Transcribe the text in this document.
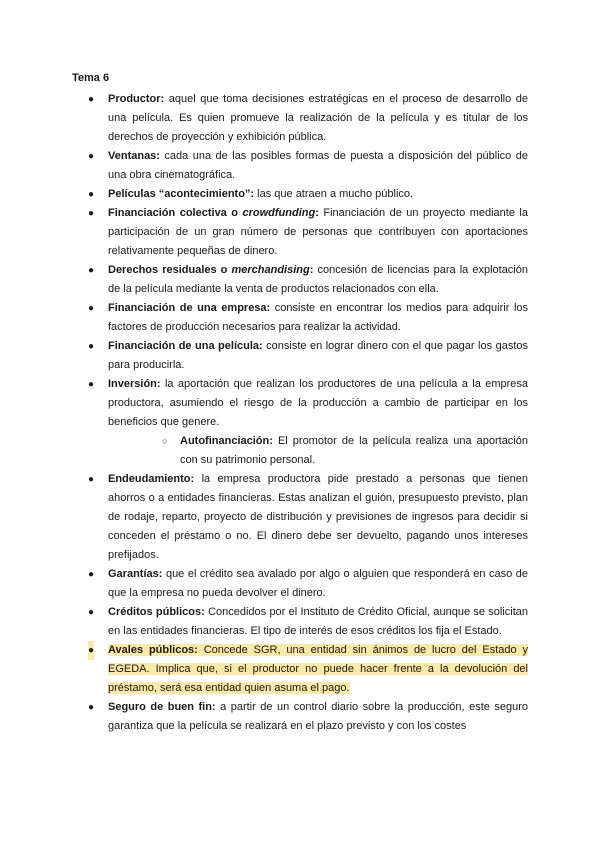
Tema 6

● Productor: aquel que toma decisiones estratégicas en el proceso de desarrollo de una película. Es quien promueve la realización de la película y es titular de los derechos de proyección y exhibición pública.
● Ventanas: cada una de las posibles formas de puesta a disposición del público de una obra cinematográfica.
● Películas “acontecimiento”: las que atraen a mucho público.
● Financiación colectiva o crowdfunding: Financiación de un proyecto mediante la participación de un gran número de personas que contribuyen con aportaciones relativamente pequeñas de dinero.
● Derechos residuales o merchandising: concesión de licencias para la explotación de la película mediante la venta de productos relacionados con ella.
● Financiación de una empresa: consiste en encontrar los medios para adquirir los factores de producción necesarios para realizar la actividad.
● Financiación de una película: consiste en lograr dinero con el que pagar los gastos para producirla.
● Inversión: la aportación que realizan los productores de una película a la empresa productora, asumiendo el riesgo de la producción a cambio de participar en los beneficios que genere.
○ Autofinanciación: El promotor de la película realiza una aportación con su patrimonio personal.
● Endeudamiento: la empresa productora pide prestado a personas que tienen ahorros o a entidades financieras. Estas analizan el guión, presupuesto previsto, plan de rodaje, reparto, proyecto de distribución y previsiones de ingresos para decidir si conceden el préstamo o no. El dinero debe ser devuelto, pagando unos intereses prefijados.
● Garantías: que el crédito sea avalado por algo o alguien que responderá en caso de que la empresa no pueda devolver el dinero.
● Créditos públicos: Concedidos por el Instituto de Crédito Oficial, aunque se solicitan en las entidades financieras. El tipo de interés de esos créditos los fija el Estado.
● Avales públicos: Concede SGR, una entidad sin ánimos de lucro del Estado y EGEDA. Implica que, si el productor no puede hacer frente a la devolución del préstamo, será esa entidad quien asuma el pago.
● Seguro de buen fin: a partir de un control diario sobre la producción, este seguro garantiza que la película se realizará en el plazo previsto y con los costes
